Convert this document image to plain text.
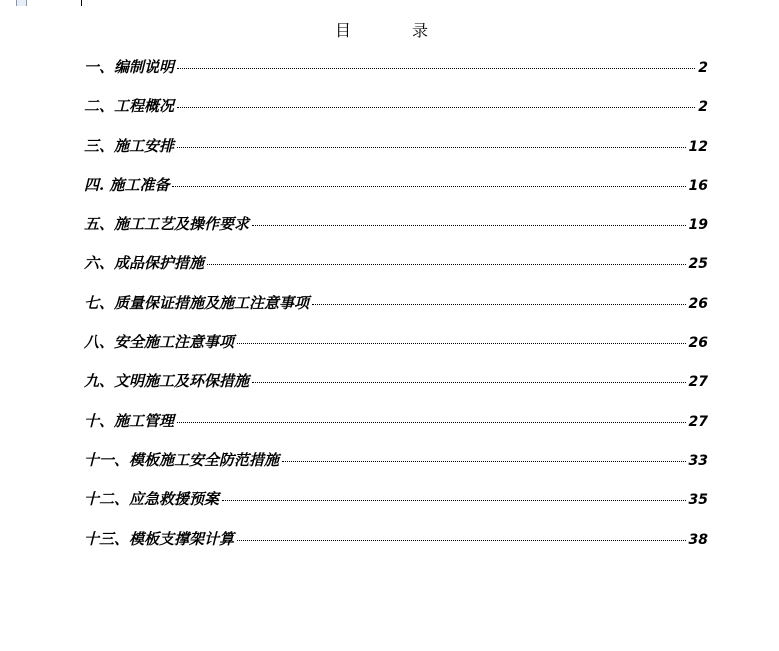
目 录
一、编制说明	2
二、工程概况	2
三、施工安排	12
四. 施工准备	16
五、施工工艺及操作要求	19
六、成品保护措施	25
七、质量保证措施及施工注意事项	26
八、安全施工注意事项	26
九、文明施工及环保措施	27
十、施工管理	27
十一、模板施工安全防范措施	33
十二、应急救援预案	35
十三、模板支撑架计算	38
